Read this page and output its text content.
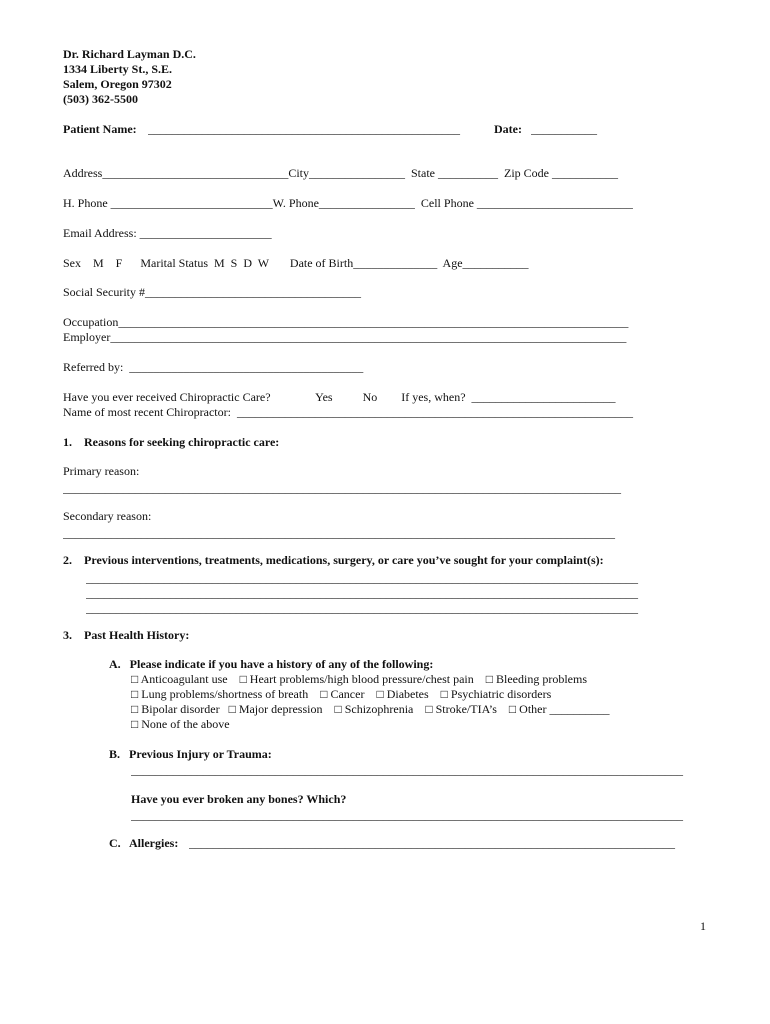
Dr. Richard Layman D.C.
1334 Liberty St., S.E.
Salem, Oregon 97302
(503) 362-5500
Patient Name: ____________________________________________________	Date: ___________
Address_______________________________City________________  State __________  Zip Code ___________
H. Phone ___________________________W. Phone________________  Cell Phone __________________________
Email Address: ______________________
Sex    M    F      Marital Status  M  S  D  W       Date of Birth______________  Age___________
Social Security #____________________________________
Occupation_____________________________________________________________________________________
Employer______________________________________________________________________________________
Referred by:  _______________________________________
Have you ever received Chiropractic Care?               Yes          No        If yes, when?  ________________________
Name of most recent Chiropractor:  __________________________________________________________________
1.    Reasons for seeking chiropractic care:
Primary reason:
_____________________________________________________________________________________________
Secondary reason:
____________________________________________________________________________________________
2.    Previous interventions, treatments, medications, surgery, or care you’ve sought for your complaint(s):
____________________________________________________________________________________________
____________________________________________________________________________________________
____________________________________________________________________________________________
3.    Past Health History:
A.   Please indicate if you have a history of any of the following:
□ Anticoagulant use    □ Heart problems/high blood pressure/chest pain    □ Bleeding problems
□ Lung problems/shortness of breath    □ Cancer    □ Diabetes    □ Psychiatric disorders
□ Bipolar disorder   □ Major depression    □ Schizophrenia    □ Stroke/TIA’s    □ Other __________
□ None of the above
B.   Previous Injury or Trauma:
____________________________________________________________________________________________
Have you ever broken any bones? Which?
____________________________________________________________________________________________
C.   Allergies: _________________________________________________________________________________
1
